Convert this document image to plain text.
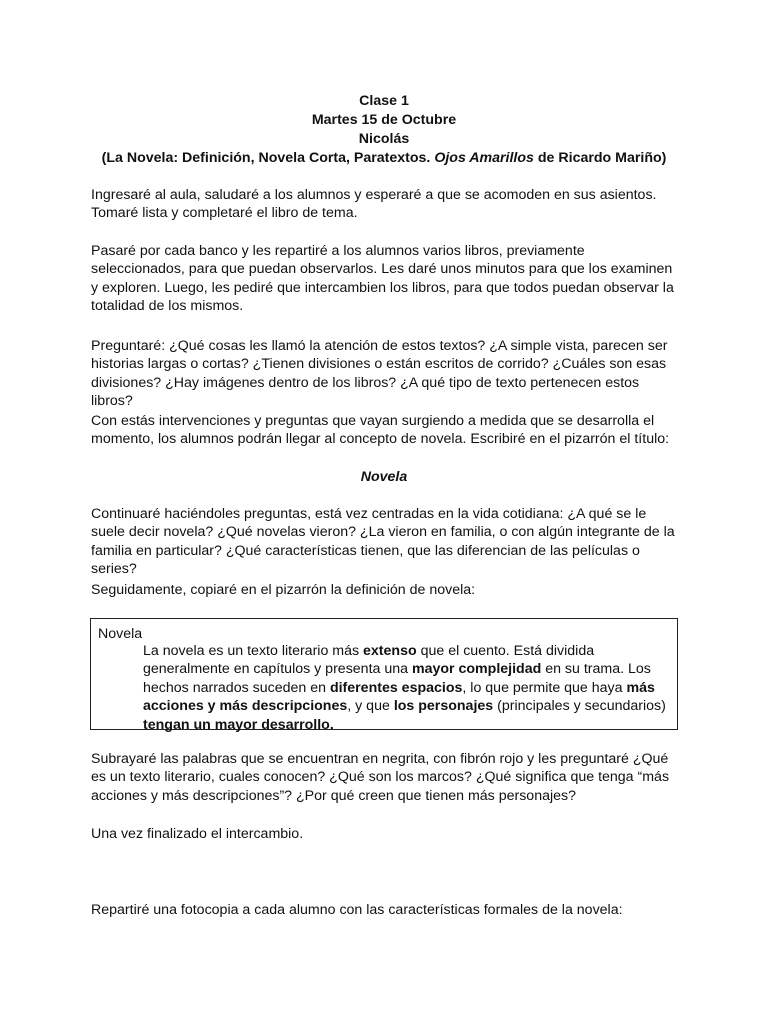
Clase 1
Martes 15 de Octubre
Nicolás
(La Novela: Definición, Novela Corta, Paratextos. Ojos Amarillos de Ricardo Mariño)

Ingresaré al aula, saludaré a los alumnos y esperaré a que se acomoden en sus asientos. Tomaré lista y completaré el libro de tema.

Pasaré por cada banco y les repartiré a los alumnos varios libros, previamente seleccionados, para que puedan observarlos. Les daré unos minutos para que los examinen y exploren. Luego, les pediré que intercambien los libros, para que todos puedan observar la totalidad de los mismos.

Preguntaré: ¿Qué cosas les llamó la atención de estos textos? ¿A simple vista, parecen ser historias largas o cortas? ¿Tienen divisiones o están escritos de corrido? ¿Cuáles son esas divisiones? ¿Hay imágenes dentro de los libros? ¿A qué tipo de texto pertenecen estos libros?

Con estás intervenciones y preguntas que vayan surgiendo a medida que se desarrolla el momento, los alumnos podrán llegar al concepto de novela. Escribiré en el pizarrón el título:

Novela

Continuaré haciéndoles preguntas, está vez centradas en la vida cotidiana: ¿A qué se le suele decir novela? ¿Qué novelas vieron? ¿La vieron en familia, o con algún integrante de la familia en particular? ¿Qué características tienen, que las diferencian de las películas o series?

Seguidamente, copiaré en el pizarrón la definición de novela:

Novela
La novela es un texto literario más extenso que el cuento. Está dividida generalmente en capítulos y presenta una mayor complejidad en su trama. Los hechos narrados suceden en diferentes espacios, lo que permite que haya más acciones y más descripciones, y que los personajes (principales y secundarios) tengan un mayor desarrollo.

Subrayaré las palabras que se encuentran en negrita, con fibrón rojo y les preguntaré ¿Qué es un texto literario, cuales conocen? ¿Qué son los marcos? ¿Qué significa que tenga “más acciones y más descripciones”? ¿Por qué creen que tienen más personajes?

Una vez finalizado el intercambio.

Repartiré una fotocopia a cada alumno con las características formales de la novela:
